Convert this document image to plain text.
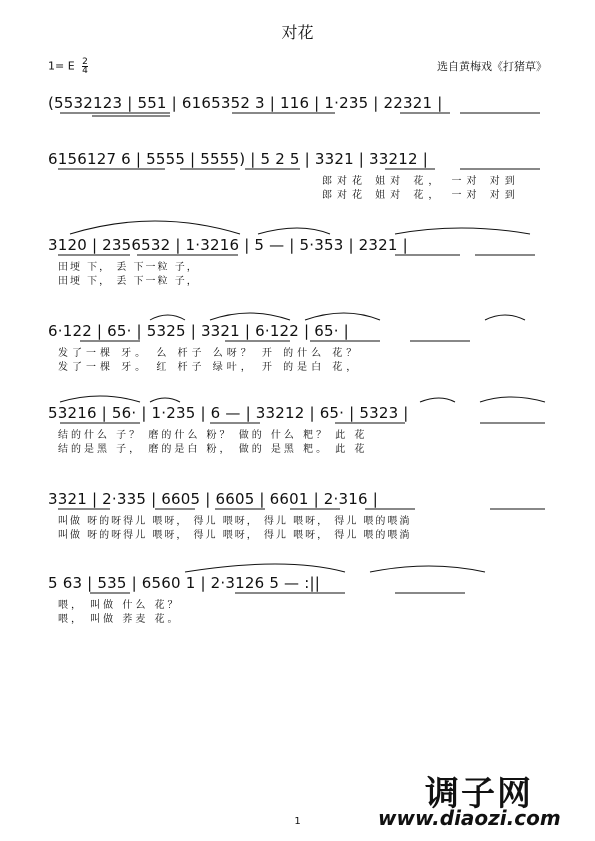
对花
1= E $\frac{2}{4}$	选自黄梅戏《打猪草》
(5532123 | 551 | 6165352 3 | 116 | 1·235 | 22321 |
6156127 6 | 5555 | 5555) | 5 2 5 | 3321 | 33212 |
郎对花 姐对 花， 一对 对到
郎对花 姐对 花， 一对 对到
3120 | 2356532 | 1·3216 | 5 — | 5·353 | 2321 |
田埂 下， 丢 下一粒 子，
田埂 下， 丢 下一粒 子，
6·122 | 65· | 5325 | 3321 | 6·122 | 65· |
发了一棵 牙。 么 杆子 么呀？ 开 的什么 花？
发了一棵 牙。 红 杆子 绿叶， 开 的是白 花，
53216 | 56· | 1·235 | 6 — | 33212 | 65· | 5323 |
结的什么 子？ 磨的什么 粉？ 做的 什么 粑？ 此 花
结的是黑 子， 磨的是白 粉， 做的 是黑 粑。 此 花
3321 | 2·335 | 6605 | 6605 | 6601 | 2·316 |
叫做 呀的呀得儿 喂呀， 得儿 喂呀， 得儿 喂呀， 得儿 喂的喂淌
叫做 呀的呀得儿 喂呀， 得儿 喂呀， 得儿 喂呀， 得儿 喂的喂淌
5 63 | 535 | 6560 1 | 2·3126 5 — :||
喂， 叫做 什么 花？
喂， 叫做 荞麦 花。
1
调子网
www.diaozi.com
